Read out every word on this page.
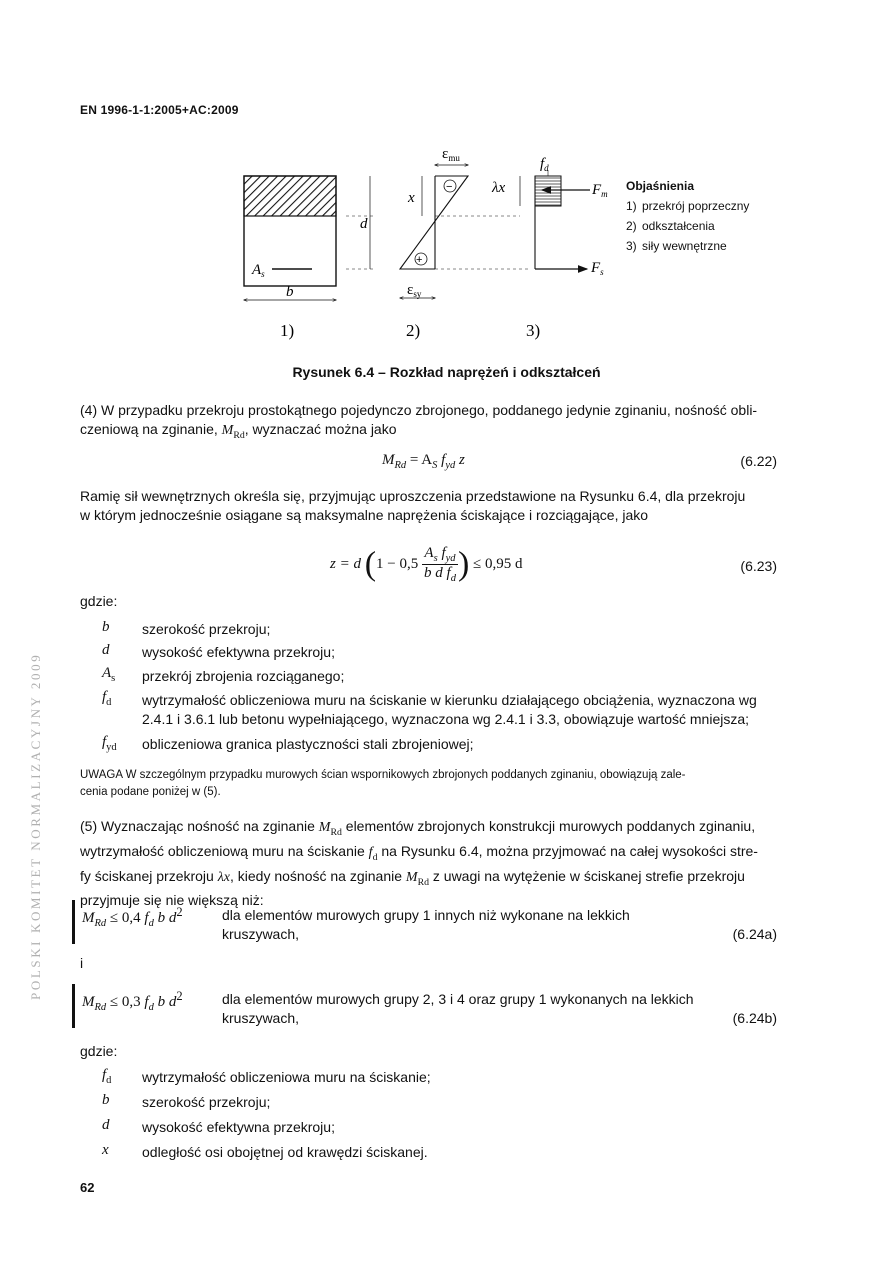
EN 1996-1-1:2005+AC:2009
POLSKI KOMITET NORMALIZACYJNY 2009
$A_s$
b
d
x
−
+
$\varepsilon_{mu}$
$\varepsilon_{sy}$
λx
$f_d$
$F_m$
$F_s$
1)	2)	3)
Objaśnienia
1) przekrój poprzeczny
2) odkształcenia
3) siły wewnętrzne
Rysunek 6.4 – Rozkład naprężeń i odkształceń
(4) W przypadku przekroju prostokątnego pojedynczo zbrojonego, poddanego jedynie zginaniu, nośność obli-
czeniową na zginanie, $M_{Rd}$, wyznaczać można jako
$M_{Rd} = A_S$ $f_{yd}$ z	(6.22)
Ramię sił wewnętrznych określa się, przyjmując uproszczenia przedstawione na Rysunku 6.4, dla przekroju
w którym jednocześnie osiągane są maksymalne naprężenia ściskające i rozciągające, jako
z = d ($1 - 0,5 \frac{A_s f_{yd}}{b d f_d}$ ) ≤ 0,95 d	(6.23)
gdzie:
b szerokość przekroju;
d wysokość efektywna przekroju;
$A_s$ przekrój zbrojenia rozciąganego;
$f_d$ wytrzymałość obliczeniowa muru na ściskanie w kierunku działającego obciążenia, wyznaczona wg 2.4.1 i 3.6.1 lub betonu wypełniającego, wyznaczona wg 2.4.1 i 3.3, obowiązuje wartość mniejsza;
$f_{yd}$ obliczeniowa granica plastyczności stali zbrojeniowej;
UWAGA W szczególnym przypadku murowych ścian wspornikowych zbrojonych poddanych zginaniu, obowiązują zale-
cenia podane poniżej w (5).
(5) Wyznaczając nośność na zginanie $M_{Rd}$ elementów zbrojonych konstrukcji murowych poddanych zginaniu,
wytrzymałość obliczeniową muru na ściskanie $f_d$ na Rysunku 6.4, można przyjmować na całej wysokości stre-
fy ściskanej przekroju λx, kiedy nośność na zginanie $M_{Rd}$ z uwagi na wytężenie w ściskanej strefie przekroju
przyjmuje się nie większą niż:
$M_{Rd} \le 0,4$ $f_d$ b $d^2$	dla elementów murowych grupy 1 innych niż wykonane na lekkich
kruszywach,	(6.24a)
i
$M_{Rd} \le 0,3$ $f_d$ b $d^2$	dla elementów murowych grupy 2, 3 i 4 oraz grupy 1 wykonanych na lekkich
kruszywach,	(6.24b)
gdzie:
$f_d$ wytrzymałość obliczeniowa muru na ściskanie;
b szerokość przekroju;
d wysokość efektywna przekroju;
x odległość osi obojętnej od krawędzi ściskanej.
62
